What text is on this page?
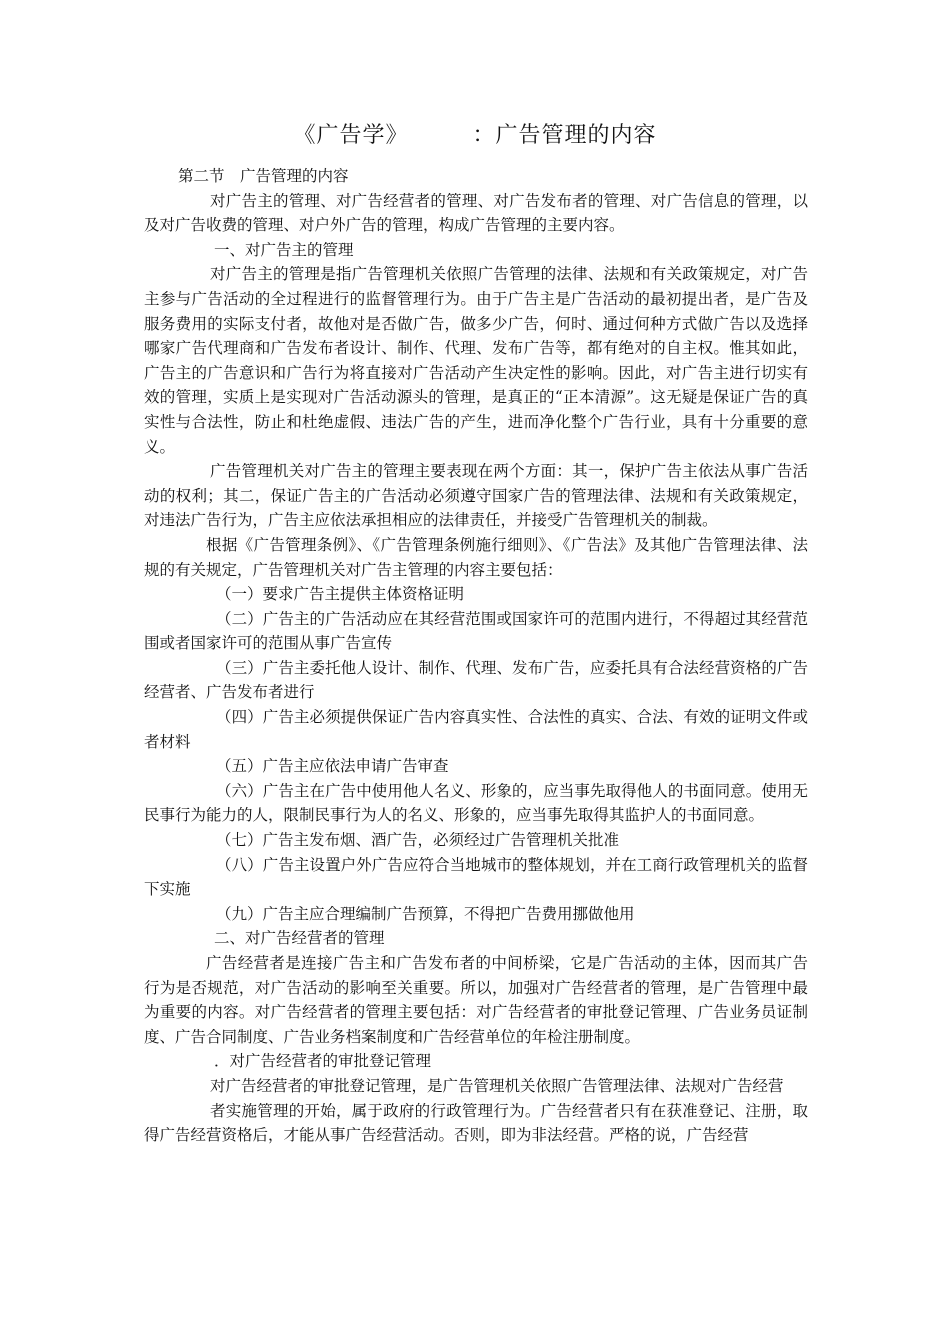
《广告学》        ：广告管理的内容

第二节　广告管理的内容

对广告主的管理、对广告经营者的管理、对广告发布者的管理、对广告信息的管理，以及对广告收费的管理、对户外广告的管理，构成广告管理的主要内容。

一、对广告主的管理

对广告主的管理是指广告管理机关依照广告管理的法律、法规和有关政策规定，对广告主参与广告活动的全过程进行的监督管理行为。由于广告主是广告活动的最初提出者，是广告及服务费用的实际支付者，故他对是否做广告，做多少广告，何时、通过何种方式做广告以及选择哪家广告代理商和广告发布者设计、制作、代理、发布广告等，都有绝对的自主权。惟其如此，广告主的广告意识和广告行为将直接对广告活动产生决定性的影响。因此，对广告主进行切实有效的管理，实质上是实现对广告活动源头的管理，是真正的“正本清源”。这无疑是保证广告的真实性与合法性，防止和杜绝虚假、违法广告的产生，进而净化整个广告行业，具有十分重要的意义。

广告管理机关对广告主的管理主要表现在两个方面：其一，保护广告主依法从事广告活动的权利；其二，保证广告主的广告活动必须遵守国家广告的管理法律、法规和有关政策规定，对违法广告行为，广告主应依法承担相应的法律责任，并接受广告管理机关的制裁。

根据《广告管理条例》、《广告管理条例施行细则》、《广告法》及其他广告管理法律、法规的有关规定，广告管理机关对广告主管理的内容主要包括：

（一）要求广告主提供主体资格证明

（二）广告主的广告活动应在其经营范围或国家许可的范围内进行，不得超过其经营范围或者国家许可的范围从事广告宣传

（三）广告主委托他人设计、制作、代理、发布广告，应委托具有合法经营资格的广告经营者、广告发布者进行

（四）广告主必须提供保证广告内容真实性、合法性的真实、合法、有效的证明文件或者材料

（五）广告主应依法申请广告审查

（六）广告主在广告中使用他人名义、形象的，应当事先取得他人的书面同意。使用无民事行为能力的人，限制民事行为人的名义、形象的，应当事先取得其监护人的书面同意。

（七）广告主发布烟、酒广告，必须经过广告管理机关批准

（八）广告主设置户外广告应符合当地城市的整体规划，并在工商行政管理机关的监督下实施

（九）广告主应合理编制广告预算，不得把广告费用挪做他用

二、对广告经营者的管理

广告经营者是连接广告主和广告发布者的中间桥梁，它是广告活动的主体，因而其广告行为是否规范，对广告活动的影响至关重要。所以，加强对广告经营者的管理，是广告管理中最为重要的内容。对广告经营者的管理主要包括：对广告经营者的审批登记管理、广告业务员证制度、广告合同制度、广告业务档案制度和广告经营单位的年检注册制度。

．对广告经营者的审批登记管理

对广告经营者的审批登记管理，是广告管理机关依照广告管理法律、法规对广告经营

者实施管理的开始，属于政府的行政管理行为。广告经营者只有在获准登记、注册，取得广告经营资格后，才能从事广告经营活动。否则，即为非法经营。严格的说，广告经营
